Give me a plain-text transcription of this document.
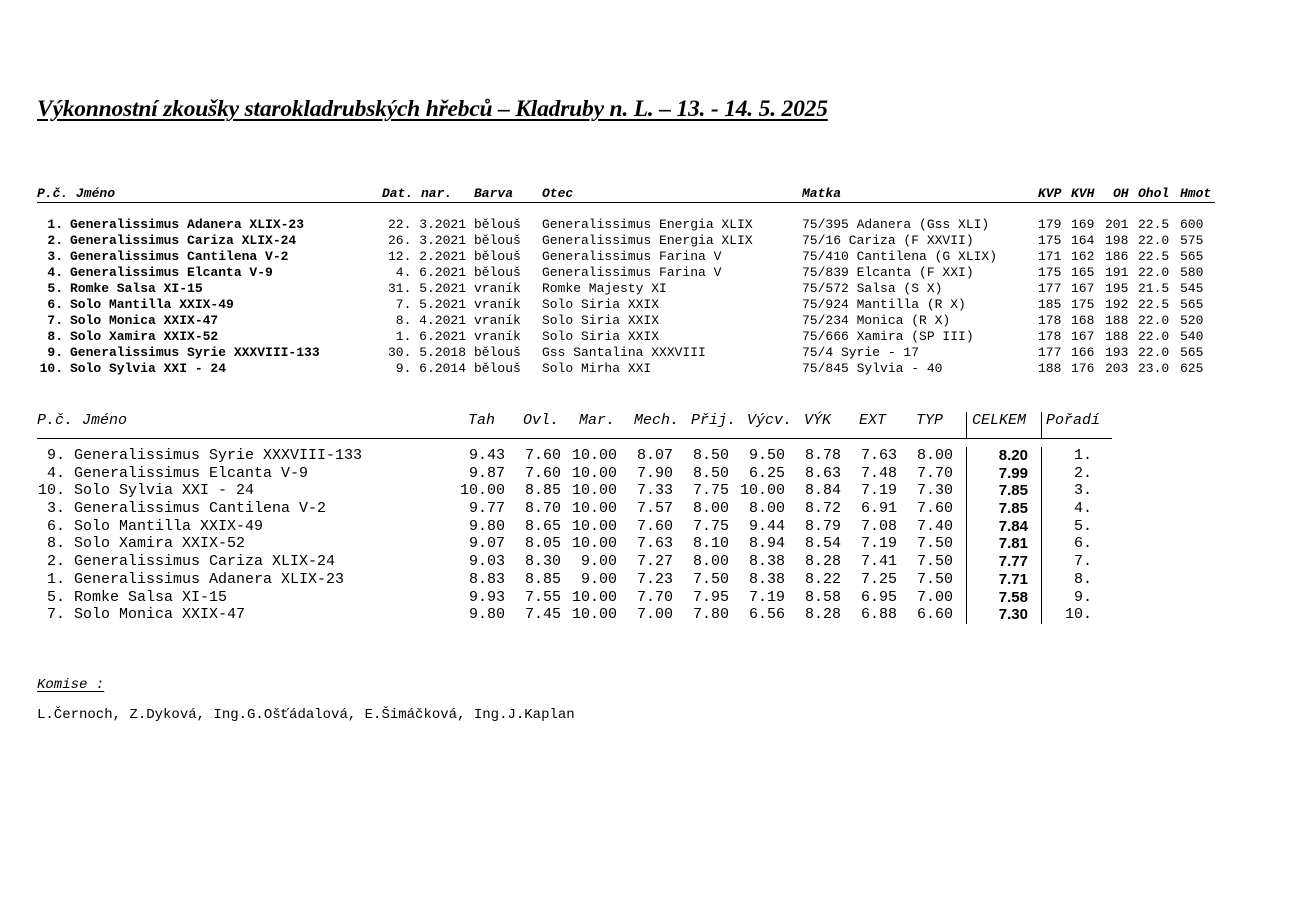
Výkonnostní zkoušky starokladrubských hřebců – Kladruby n. L. – 13. - 14. 5. 2025
P.č. Jméno	Dat. nar. Barva Otec	Matka	KVP KVH OH Ohol Hmot
1. Generalissimus Adanera XLIX-23	22. 3.2021 bělouš Generalissimus Energia XLIX	75/395 Adanera (Gss XLI)	179 169 201 22.5 600
2. Generalissimus Cariza XLIX-24	26. 3.2021 bělouš Generalissimus Energia XLIX	75/16 Cariza (F XXVII)	175 164 198 22.0 575
3. Generalissimus Cantilena V-2	12. 2.2021 bělouš Generalissimus Farina V	75/410 Cantilena (G XLIX)	171 162 186 22.5 565
4. Generalissimus Elcanta V-9	4. 6.2021 bělouš Generalissimus Farina V	75/839 Elcanta (F XXI)	175 165 191 22.0 580
5. Romke Salsa XI-15	31. 5.2021 vraník Romke Majesty XI	75/572 Salsa (S X)	177 167 195 21.5 545
6. Solo Mantilla XXIX-49	7. 5.2021 vraník Solo Siria XXIX	75/924 Mantilla (R X)	185 175 192 22.5 565
7. Solo Monica XXIX-47	8. 4.2021 vraník Solo Siria XXIX	75/234 Monica (R X)	178 168 188 22.0 520
8. Solo Xamira XXIX-52	1. 6.2021 vraník Solo Siria XXIX	75/666 Xamira (SP III)	178 167 188 22.0 540
9. Generalissimus Syrie XXXVIII-133	30. 5.2018 bělouš Gss Santalina XXXVIII	75/4 Syrie - 17	177 166 193 22.0 565
10. Solo Sylvia XXI - 24	9. 6.2014 bělouš Solo Mirha XXI	75/845 Sylvia - 40	188 176 203 23.0 625
P.č. Jméno	Tah Ovl. Mar. Mech. Přij. Výcv. VÝK EXT TYP CELKEM Pořadí
9. Generalissimus Syrie XXXVIII-133	9.43	7.60 10.00	8.07	8.50	9.50	8.78	7.63	8.00	8.20	1.
4. Generalissimus Elcanta V-9	9.87	7.60 10.00	7.90	8.50	6.25	8.63	7.48	7.70	7.99	2.
10. Solo Sylvia XXI - 24	10.00	8.85 10.00	7.33	7.75 10.00	8.84	7.19	7.30	7.85	3.
3. Generalissimus Cantilena V-2	9.77	8.70 10.00	7.57	8.00	8.00	8.72	6.91	7.60	7.85	4.
6. Solo Mantilla XXIX-49	9.80	8.65 10.00	7.60	7.75	9.44	8.79	7.08	7.40	7.84	5.
8. Solo Xamira XXIX-52	9.07	8.05 10.00	7.63	8.10	8.94	8.54	7.19	7.50	7.81	6.
2. Generalissimus Cariza XLIX-24	9.03	8.30	9.00	7.27	8.00	8.38	8.28	7.41	7.50	7.77	7.
1. Generalissimus Adanera XLIX-23	8.83	8.85	9.00	7.23	7.50	8.38	8.22	7.25	7.50	7.71	8.
5. Romke Salsa XI-15	9.93	7.55 10.00	7.70	7.95	7.19	8.58	6.95	7.00	7.58	9.
7. Solo Monica XXIX-47	9.80	7.45 10.00	7.00	7.80	6.56	8.28	6.88	6.60	7.30	10.
Komise :
L.Černoch, Z.Dyková, Ing.G.Ošťádalová, E.Šimáčková, Ing.J.Kaplan
